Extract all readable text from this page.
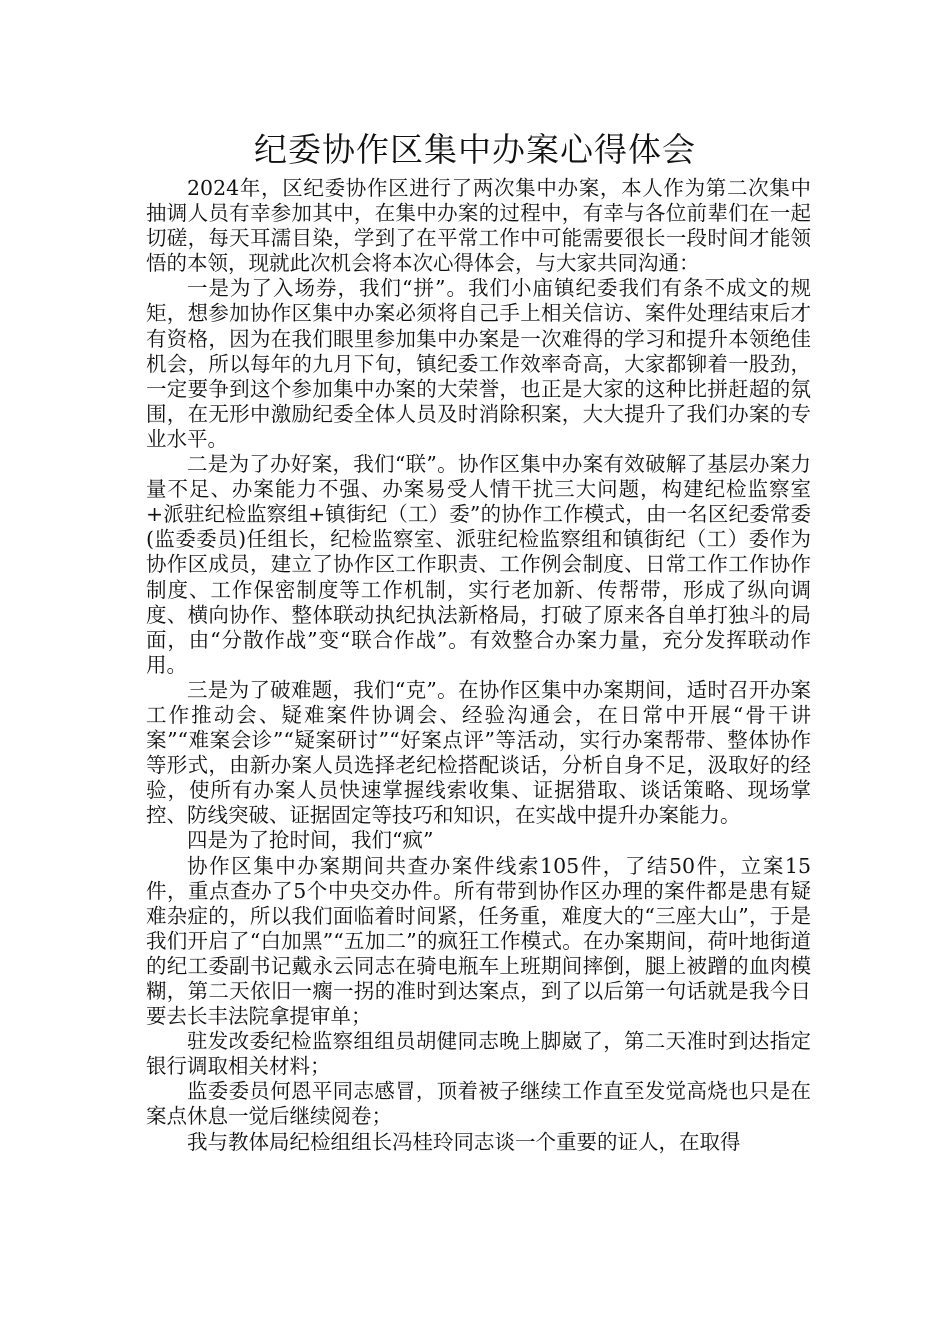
纪委协作区集中办案心得体会

2024年，区纪委协作区进行了两次集中办案，本人作为第二次集中抽调人员有幸参加其中，在集中办案的过程中，有幸与各位前辈们在一起切磋，每天耳濡目染，学到了在平常工作中可能需要很长一段时间才能领悟的本领，现就此次机会将本次心得体会，与大家共同沟通：

一是为了入场券，我们“拼”。我们小庙镇纪委我们有条不成文的规矩，想参加协作区集中办案必须将自己手上相关信访、案件处理结束后才有资格，因为在我们眼里参加集中办案是一次难得的学习和提升本领绝佳机会，所以每年的九月下旬，镇纪委工作效率奇高，大家都铆着一股劲，一定要争到这个参加集中办案的大荣誉，也正是大家的这种比拼赶超的氛围，在无形中激励纪委全体人员及时消除积案，大大提升了我们办案的专业水平。

二是为了办好案，我们“联”。协作区集中办案有效破解了基层办案力量不足、办案能力不强、办案易受人情干扰三大问题，构建纪检监察室+派驻纪检监察组+镇街纪（工）委”的协作工作模式，由一名区纪委常委(监委委员)任组长，纪检监察室、派驻纪检监察组和镇街纪（工）委作为协作区成员，建立了协作区工作职责、工作例会制度、日常工作工作协作制度、工作保密制度等工作机制，实行老加新、传帮带，形成了纵向调度、横向协作、整体联动执纪执法新格局，打破了原来各自单打独斗的局面，由“分散作战”变“联合作战”。有效整合办案力量，充分发挥联动作用。

三是为了破难题，我们“克”。在协作区集中办案期间，适时召开办案工作推动会、疑难案件协调会、经验沟通会，在日常中开展“骨干讲案”“难案会诊”“疑案研讨”“好案点评”等活动，实行办案帮带、整体协作等形式，由新办案人员选择老纪检搭配谈话，分析自身不足，汲取好的经验，使所有办案人员快速掌握线索收集、证据猎取、谈话策略、现场掌控、防线突破、证据固定等技巧和知识，在实战中提升办案能力。

四是为了抢时间，我们“疯”

协作区集中办案期间共查办案件线索105件，了结50件，立案15件，重点查办了5个中央交办件。所有带到协作区办理的案件都是患有疑难杂症的，所以我们面临着时间紧，任务重，难度大的“三座大山”，于是我们开启了“白加黑”“五加二”的疯狂工作模式。在办案期间，荷叶地街道的纪工委副书记戴永云同志在骑电瓶车上班期间摔倒，腿上被蹭的血肉模糊，第二天依旧一瘸一拐的准时到达案点，到了以后第一句话就是我今日要去长丰法院拿提审单；

驻发改委纪检监察组组员胡健同志晚上脚崴了，第二天准时到达指定银行调取相关材料；

监委委员何恩平同志感冒，顶着被子继续工作直至发觉高烧也只是在案点休息一觉后继续阅卷；

我与教体局纪检组组长冯桂玲同志谈一个重要的证人，在取得
